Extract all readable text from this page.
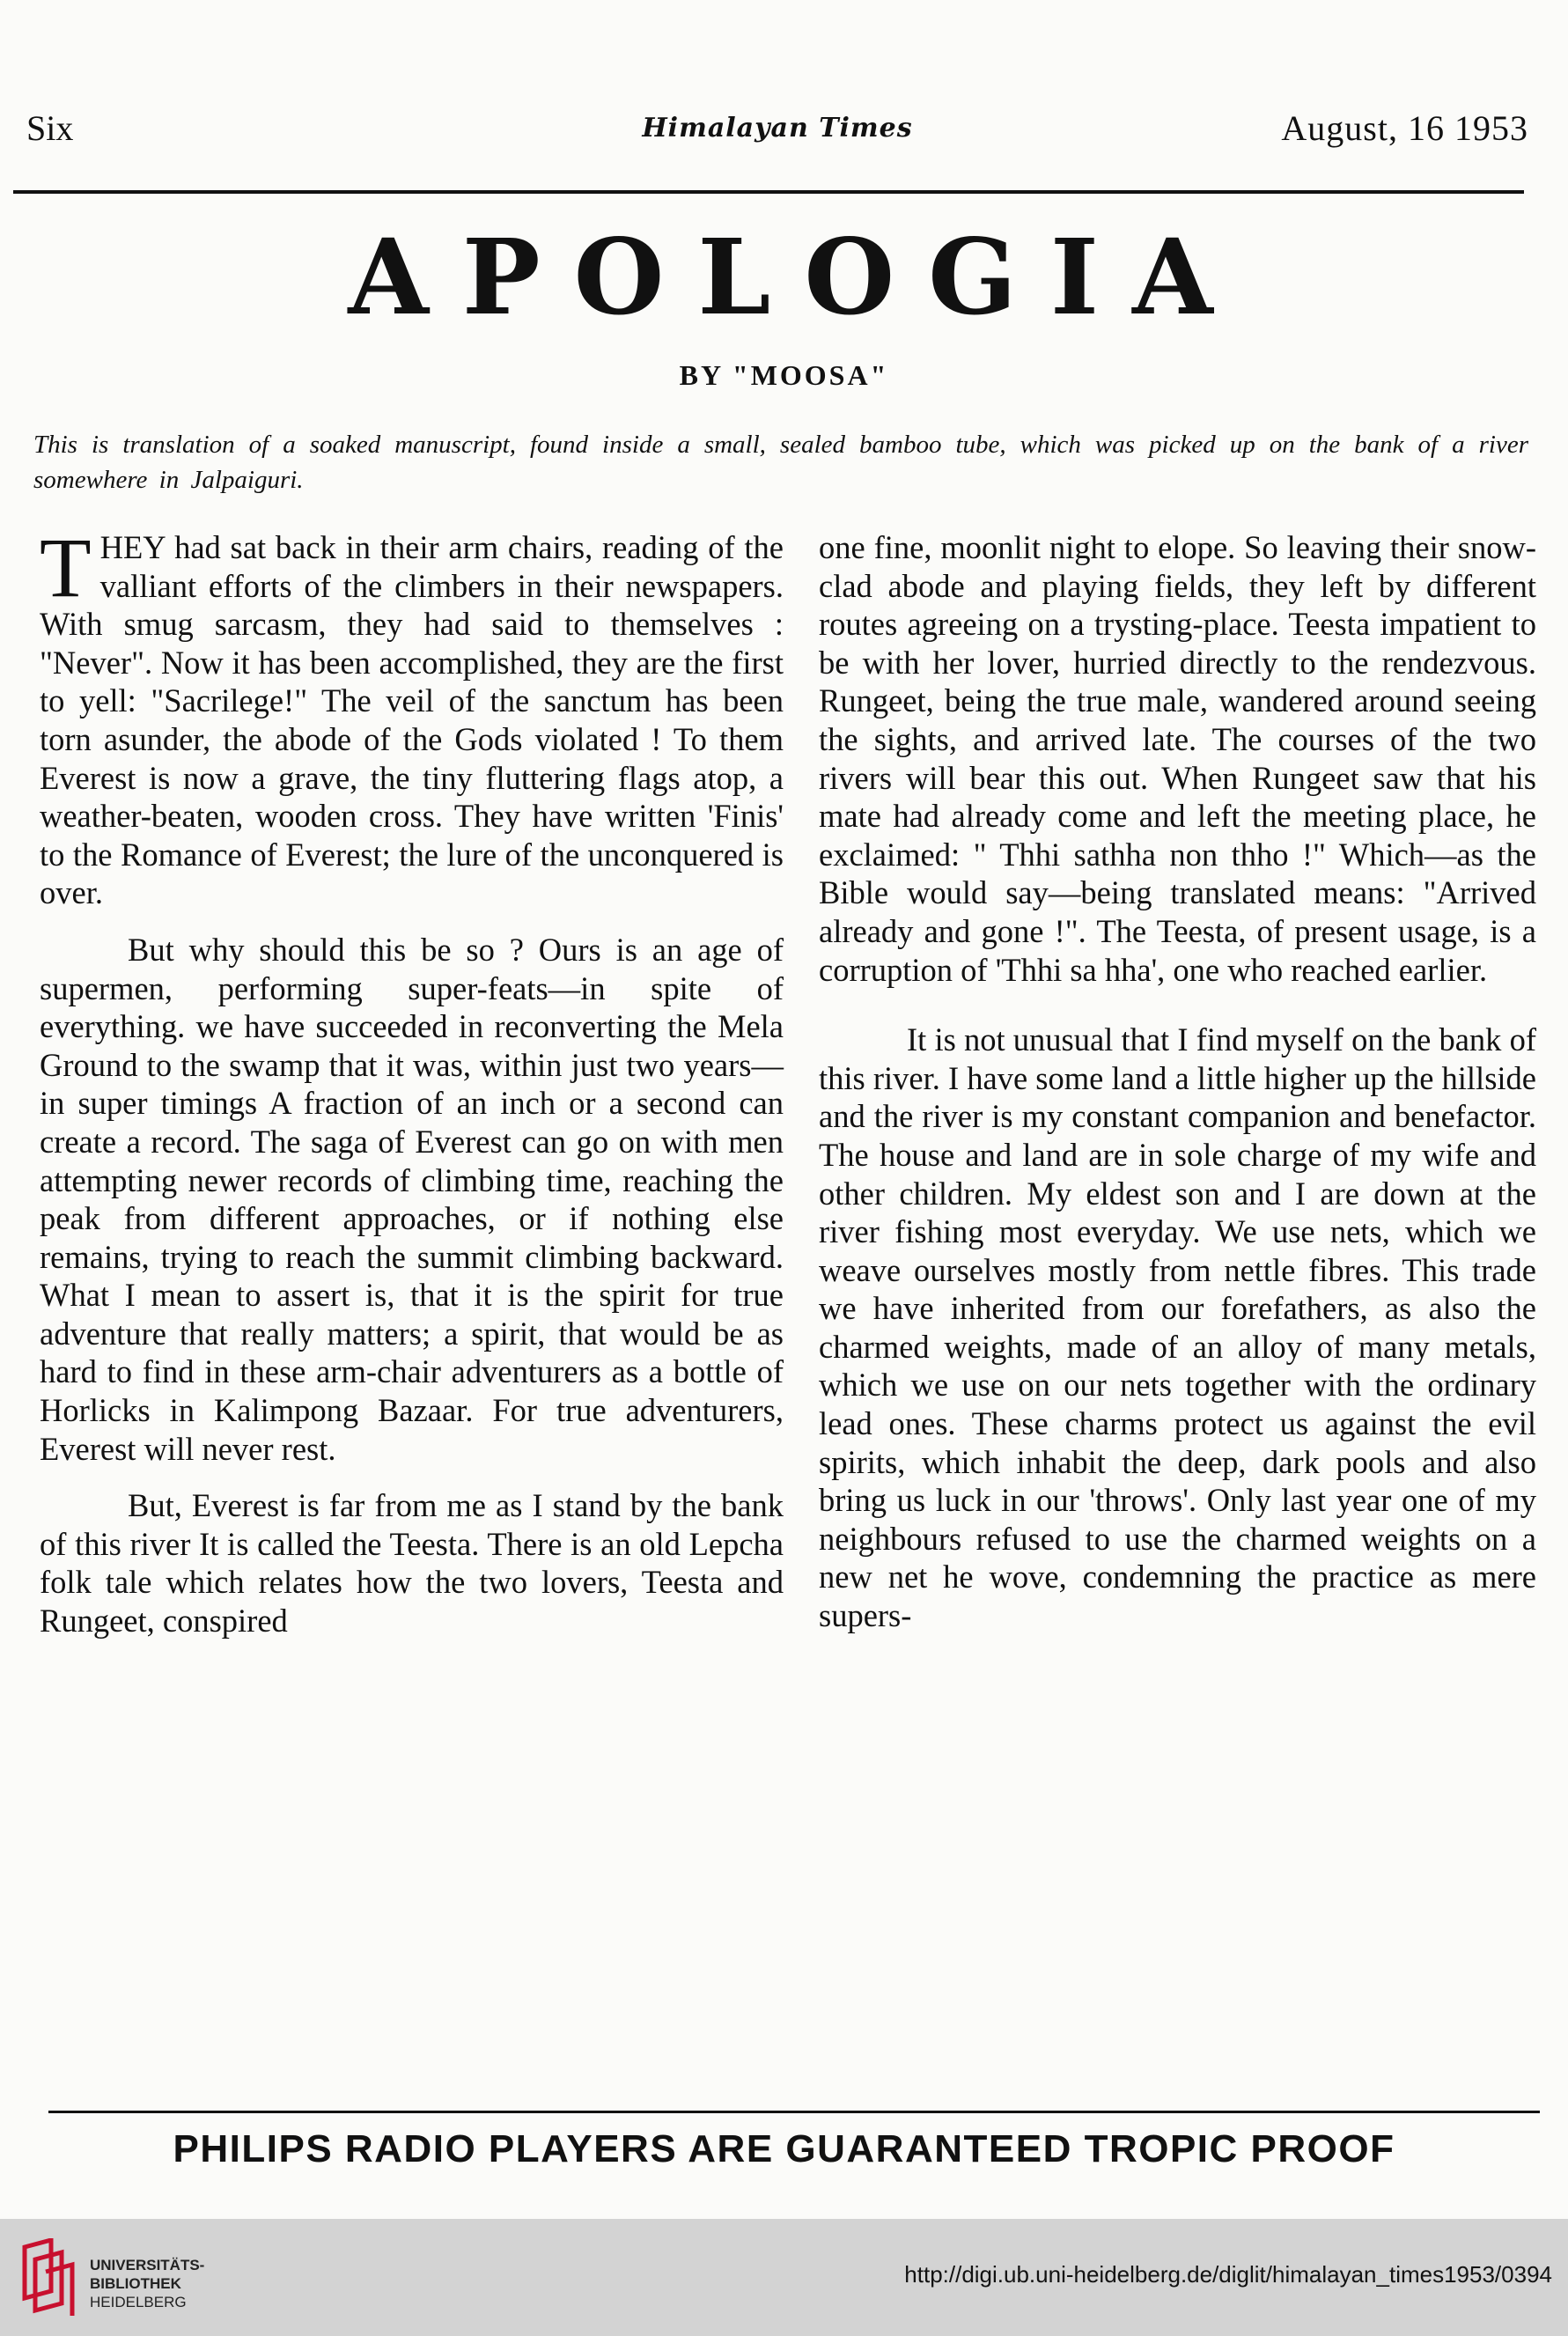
Six	Himalayan Times	August, 16 1953
APOLOGIA
BY "MOOSA"
This is translation of a soaked manuscript, found inside a small, sealed bamboo tube, which was picked up on the bank of a river somewhere in Jalpaiguri.

THEY had sat back in their arm chairs, reading of the valliant efforts of the climbers in their newspapers. With smug sarcasm, they had said to themselves : "Never". Now it has been accomplished, they are the first to yell: "Sacrilege!" The veil of the sanctum has been torn asunder, the abode of the Gods violated ! To them Everest is now a grave, the tiny fluttering flags atop, a weather-beaten, wooden cross. They have written 'Finis' to the Romance of Everest; the lure of the unconquered is over.

But why should this be so ? Ours is an age of supermen, performing super-feats—in spite of everything. we have succeeded in reconverting the Mela Ground to the swamp that it was, within just two years—in super timings A fraction of an inch or a second can create a record. The saga of Everest can go on with men attempting newer records of climbing time, reaching the peak from different approaches, or if nothing else remains, trying to reach the summit climbing backward. What I mean to assert is, that it is the spirit for true adventure that really matters; a spirit, that would be as hard to find in these arm-chair adventurers as a bottle of Horlicks in Kalimpong Bazaar. For true adventurers, Everest will never rest.

But, Everest is far from me as I stand by the bank of this river It is called the Teesta. There is an old Lepcha folk tale which relates how the two lovers, Teesta and Rungeet, conspired

one fine, moonlit night to elope. So leaving their snow-clad abode and playing fields, they left by different routes agreeing on a trysting-place. Teesta impatient to be with her lover, hurried directly to the rendezvous. Rungeet, being the true male, wandered around seeing the sights, and arrived late. The courses of the two rivers will bear this out. When Rungeet saw that his mate had already come and left the meeting place, he exclaimed: " Thhi sathha non thho !" Which—as the Bible would say—being translated means: "Arrived already and gone !". The Teesta, of present usage, is a corruption of 'Thhi sa hha', one who reached earlier.

It is not unusual that I find myself on the bank of this river. I have some land a little higher up the hillside and the river is my constant companion and benefactor. The house and land are in sole charge of my wife and other children. My eldest son and I are down at the river fishing most everyday. We use nets, which we weave ourselves mostly from nettle fibres. This trade we have inherited from our forefathers, as also the charmed weights, made of an alloy of many metals, which we use on our nets together with the ordinary lead ones. These charms protect us against the evil spirits, which inhabit the deep, dark pools and also bring us luck in our 'throws'. Only last year one of my neighbours refused to use the charmed weights on a new net he wove, condemning the practice as mere supers-

PHILIPS RADIO PLAYERS ARE GUARANTEED TROPIC PROOF
UNIVERSITÄTS-
BIBLIOTHEK
HEIDELBERG
http://digi.ub.uni-heidelberg.de/diglit/himalayan_times1953/0394
